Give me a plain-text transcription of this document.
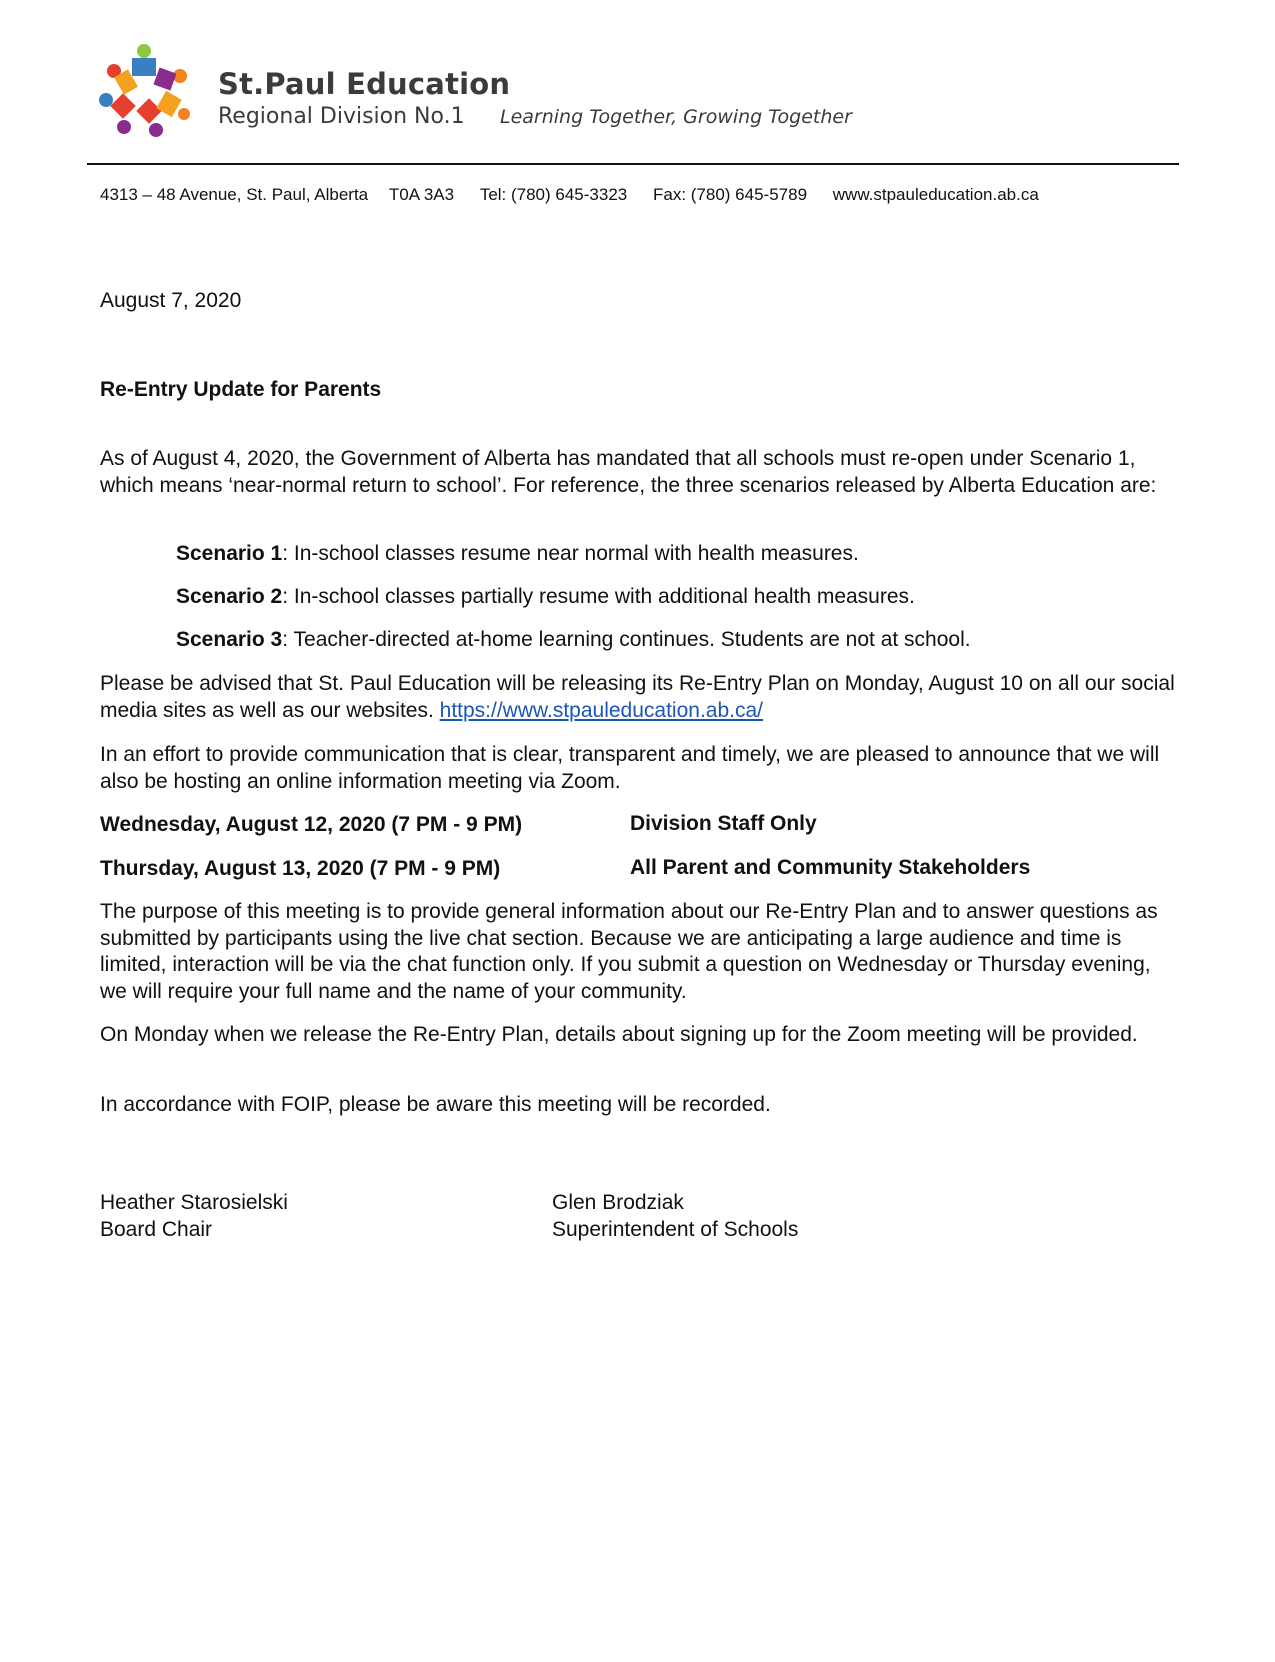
St.Paul Education
Regional Division No.1 Learning Together, Growing Together
4313 – 48 Avenue, St. Paul, Alberta T0A 3A3 Tel: (780) 645-3323 Fax: (780) 645-5789 www.stpauleducation.ab.ca
August 7, 2020
Re-Entry Update for Parents
As of August 4, 2020, the Government of Alberta has mandated that all schools must re-open under Scenario 1, which means ‘near-normal return to school’. For reference, the three scenarios released by Alberta Education are:
Scenario 1: In-school classes resume near normal with health measures.
Scenario 2: In-school classes partially resume with additional health measures.
Scenario 3: Teacher-directed at-home learning continues. Students are not at school.
Please be advised that St. Paul Education will be releasing its Re-Entry Plan on Monday, August 10 on all our social media sites as well as our websites. https://www.stpauleducation.ab.ca/
In an effort to provide communication that is clear, transparent and timely, we are pleased to announce that we will also be hosting an online information meeting via Zoom.
Wednesday, August 12, 2020 (7 PM - 9 PM)	Division Staff Only
Thursday, August 13, 2020 (7 PM - 9 PM)	All Parent and Community Stakeholders
The purpose of this meeting is to provide general information about our Re-Entry Plan and to answer questions as submitted by participants using the live chat section. Because we are anticipating a large audience and time is limited, interaction will be via the chat function only. If you submit a question on Wednesday or Thursday evening, we will require your full name and the name of your community.
On Monday when we release the Re-Entry Plan, details about signing up for the Zoom meeting will be provided.
In accordance with FOIP, please be aware this meeting will be recorded.
Heather Starosielski
Board Chair
Glen Brodziak
Superintendent of Schools
